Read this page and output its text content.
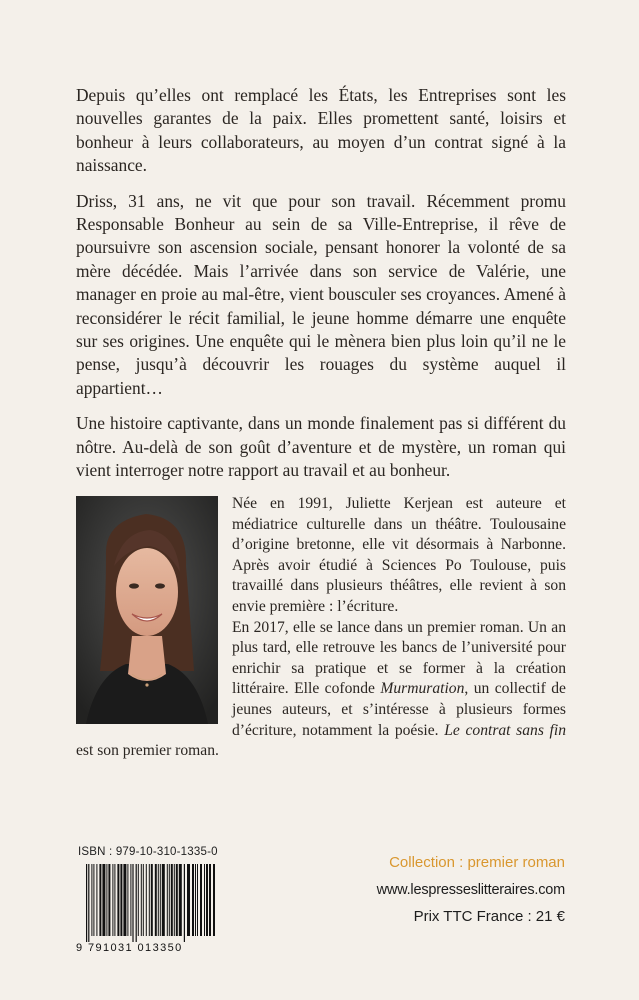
Depuis qu’elles ont remplacé les États, les Entreprises sont les nouvelles garantes de la paix. Elles promettent santé, loisirs et bonheur à leurs collaborateurs, au moyen d’un contrat signé à la naissance.

Driss, 31 ans, ne vit que pour son travail. Récemment promu Responsable Bonheur au sein de sa Ville-Entreprise, il rêve de poursuivre son ascension sociale, pensant honorer la volonté de sa mère décédée. Mais l’arrivée dans son service de Valérie, une manager en proie au mal-être, vient bousculer ses croyances. Amené à reconsidérer le récit familial, le jeune homme démarre une enquête sur ses origines. Une enquête qui le mènera bien plus loin qu’il ne le pense, jusqu’à découvrir les rouages du système auquel il appartient…

Une histoire captivante, dans un monde finalement pas si différent du nôtre. Au-delà de son goût d’aventure et de mystère, un roman qui vient interroger notre rapport au travail et au bonheur.

Née en 1991, Juliette Kerjean est auteure et médiatrice culturelle dans un théâtre. Toulousaine d’origine bretonne, elle vit désormais à Narbonne. Après avoir étudié à Sciences Po Toulouse, puis travaillé dans plusieurs théâtres, elle revient à son envie première : l’écriture.

En 2017, elle se lance dans un premier roman. Un an plus tard, elle retrouve les bancs de l’université pour enrichir sa pratique et se former à la création littéraire. Elle cofonde Murmuration, un collectif de jeunes auteurs, et s’intéresse à plusieurs formes d’écriture, notamment la poésie. Le contrat sans fin est son premier roman.

ISBN : 979-10-310-1335-0
9 791031 013350
Collection : premier roman
www.lespresseslitteraires.com
Prix TTC France : 21 €
